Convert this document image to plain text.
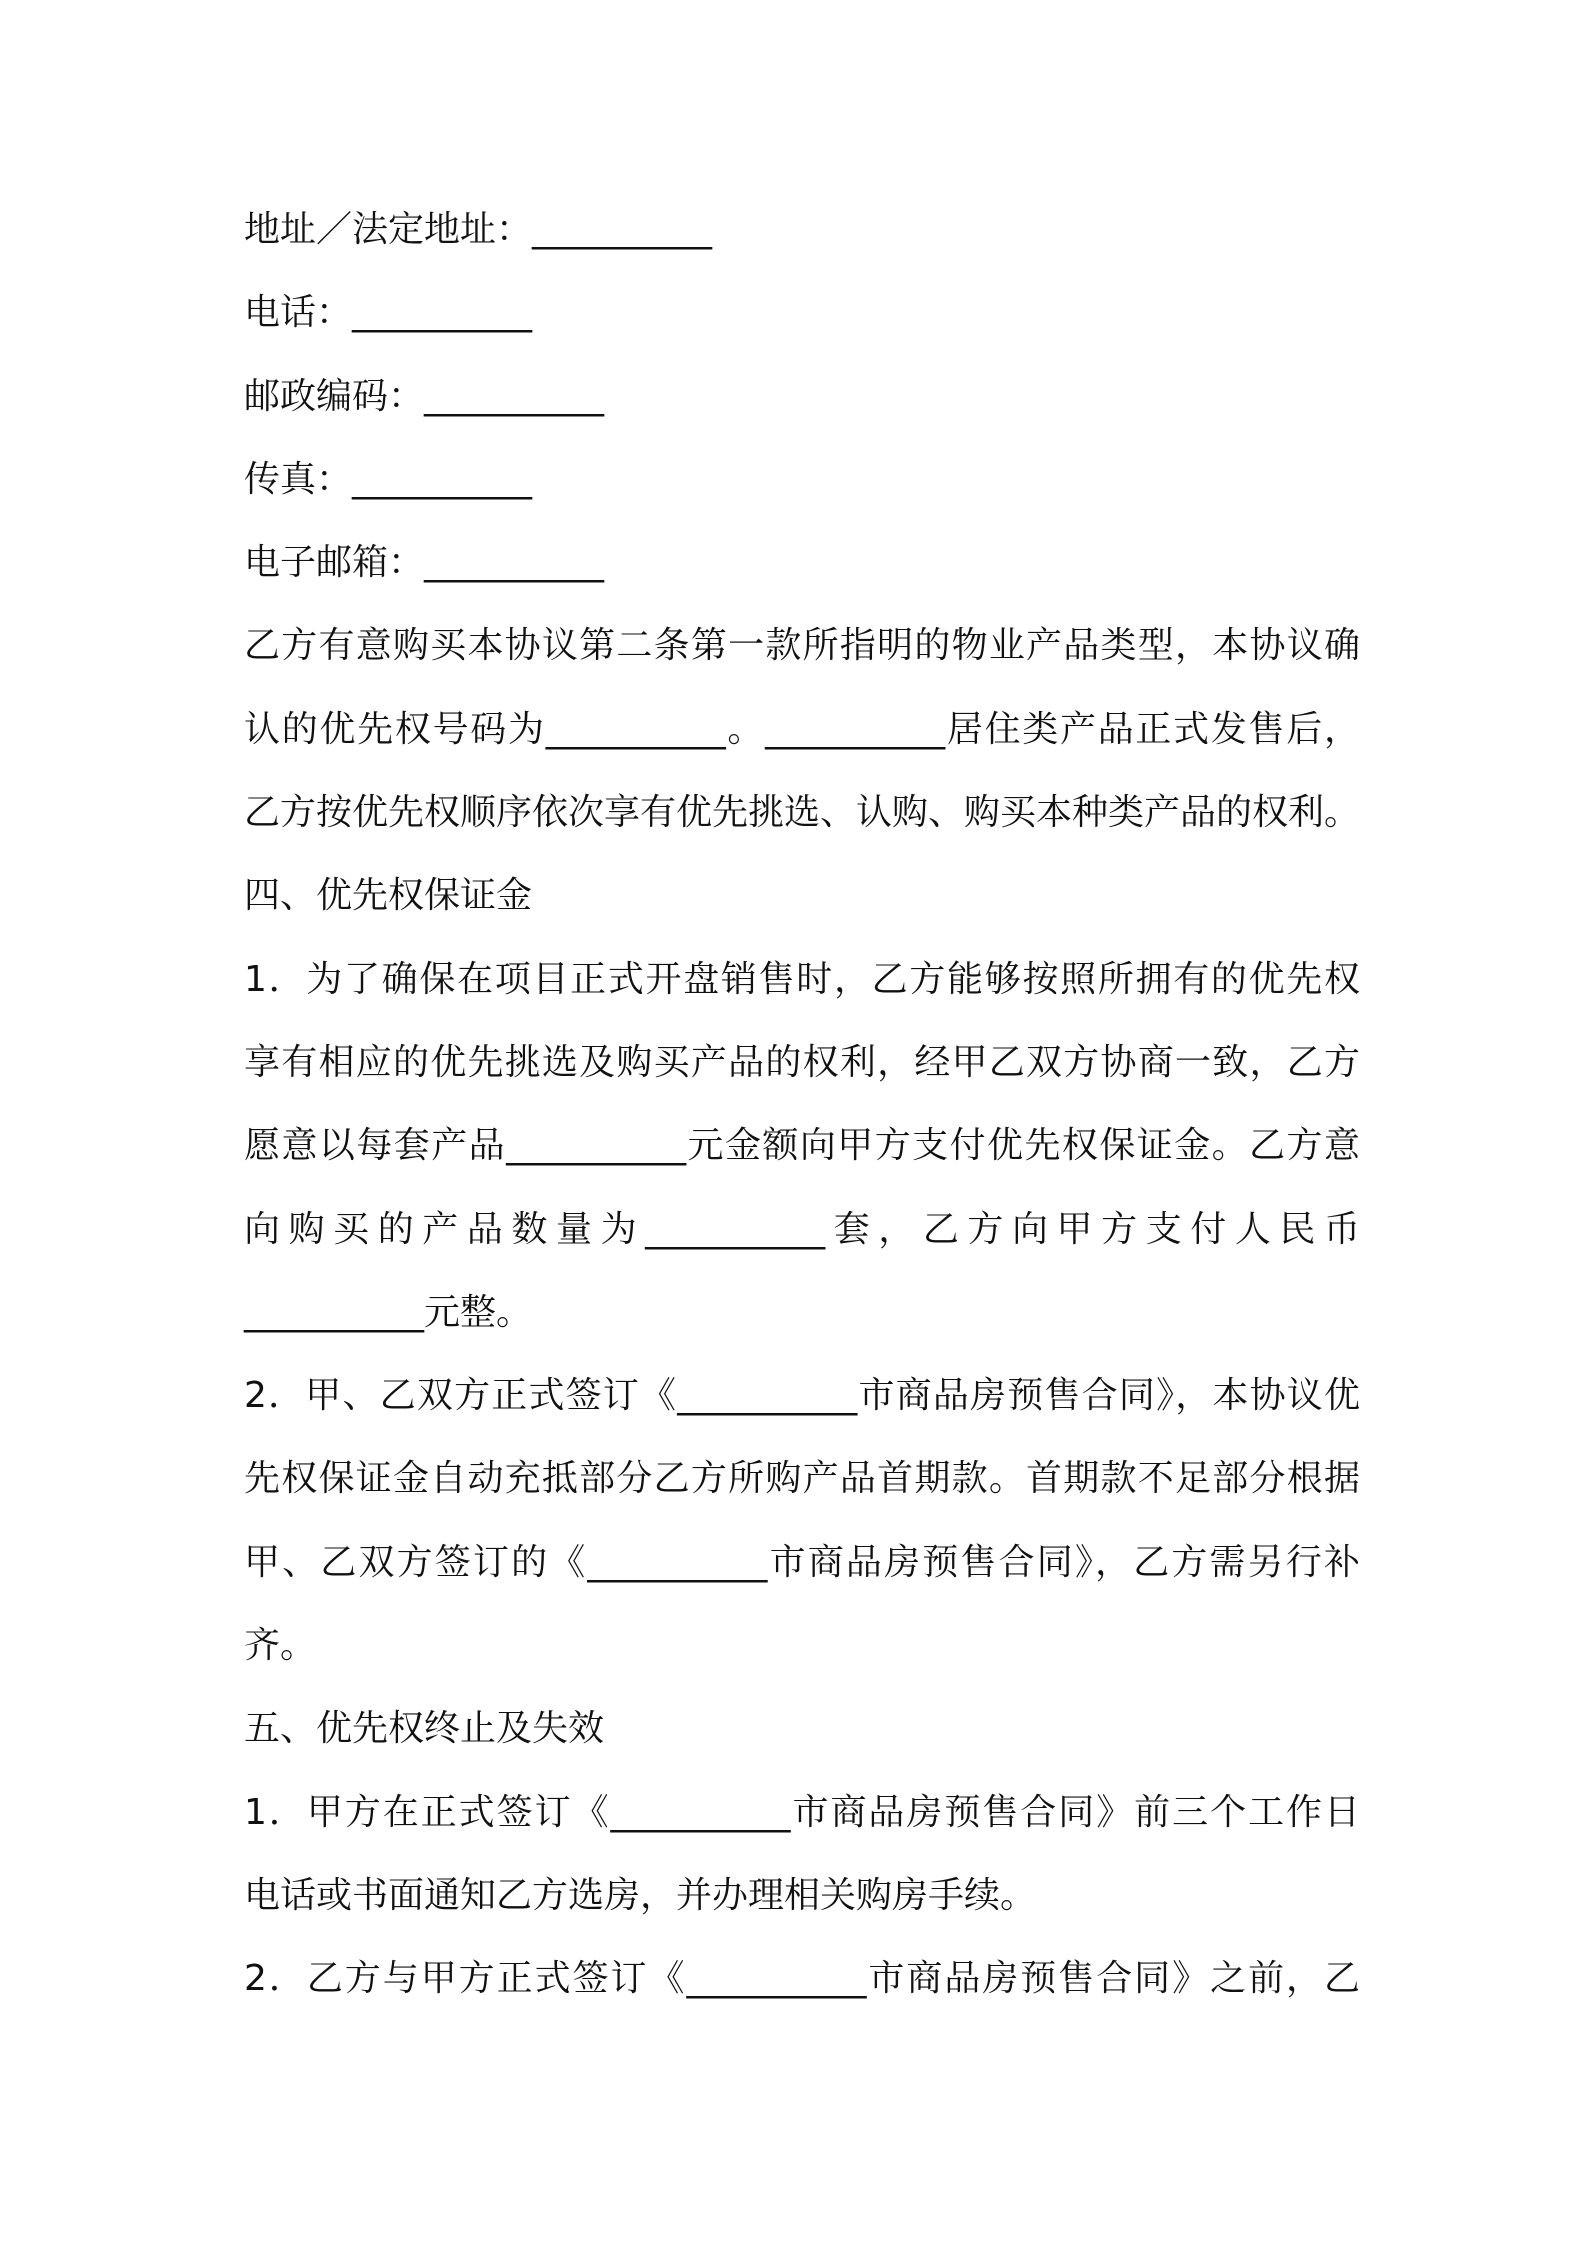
地址／法定地址：__________
电话：__________
邮政编码：__________
传真：__________
电子邮箱：__________
乙方有意购买本协议第二条第一款所指明的物业产品类型，本协议确
认的优先权号码为__________。__________居住类产品正式发售后，
乙方按优先权顺序依次享有优先挑选、认购、购买本种类产品的权利。
四、优先权保证金
1．为了确保在项目正式开盘销售时，乙方能够按照所拥有的优先权
享有相应的优先挑选及购买产品的权利，经甲乙双方协商一致，乙方
愿意以每套产品__________元金额向甲方支付优先权保证金。乙方意
向购买的产品数量为__________套，乙方向甲方支付人民币
__________元整。
2．甲、乙双方正式签订《__________市商品房预售合同》，本协议优
先权保证金自动充抵部分乙方所购产品首期款。首期款不足部分根据
甲、乙双方签订的《__________市商品房预售合同》，乙方需另行补
齐。
五、优先权终止及失效
1．甲方在正式签订《__________市商品房预售合同》前三个工作日
电话或书面通知乙方选房，并办理相关购房手续。
2．乙方与甲方正式签订《__________市商品房预售合同》之前，乙
